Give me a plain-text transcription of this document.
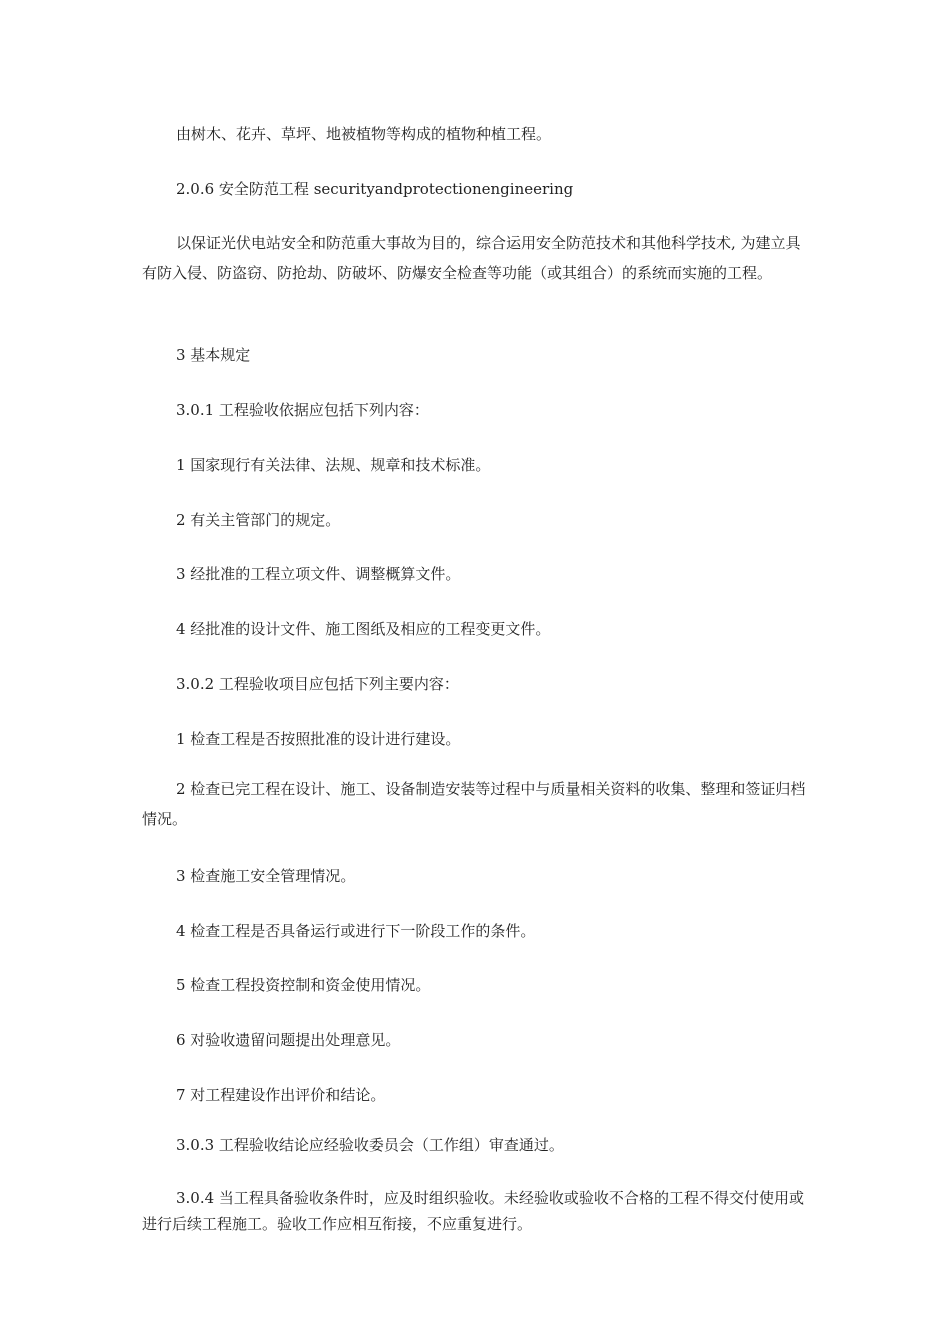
由树木、花卉、草坪、地被植物等构成的植物种植工程。

2.0.6 安全防范工程 securityandprotectionengineering

以保证光伏电站安全和防范重大事故为目的，综合运用安全防范技术和其他科学技术, 为建立具有防入侵、防盗窃、防抢劫、防破坏、防爆安全检查等功能（或其组合）的系统而实施的工程。

3 基本规定

3.0.1 工程验收依据应包括下列内容：

1 国家现行有关法律、法规、规章和技术标准。

2 有关主管部门的规定。

3 经批准的工程立项文件、调整概算文件。

4 经批准的设计文件、施工图纸及相应的工程变更文件。

3.0.2 工程验收项目应包括下列主要内容：

1 检查工程是否按照批准的设计进行建设。

2 检查已完工程在设计、施工、设备制造安装等过程中与质量相关资料的收集、整理和签证归档情况。

3 检查施工安全管理情况。

4 检查工程是否具备运行或进行下一阶段工作的条件。

5 检查工程投资控制和资金使用情况。

6 对验收遗留问题提出处理意见。

7 对工程建设作出评价和结论。

3.0.3 工程验收结论应经验收委员会（工作组）审查通过。

3.0.4 当工程具备验收条件时，应及时组织验收。未经验收或验收不合格的工程不得交付使用或进行后续工程施工。验收工作应相互衔接，不应重复进行。
